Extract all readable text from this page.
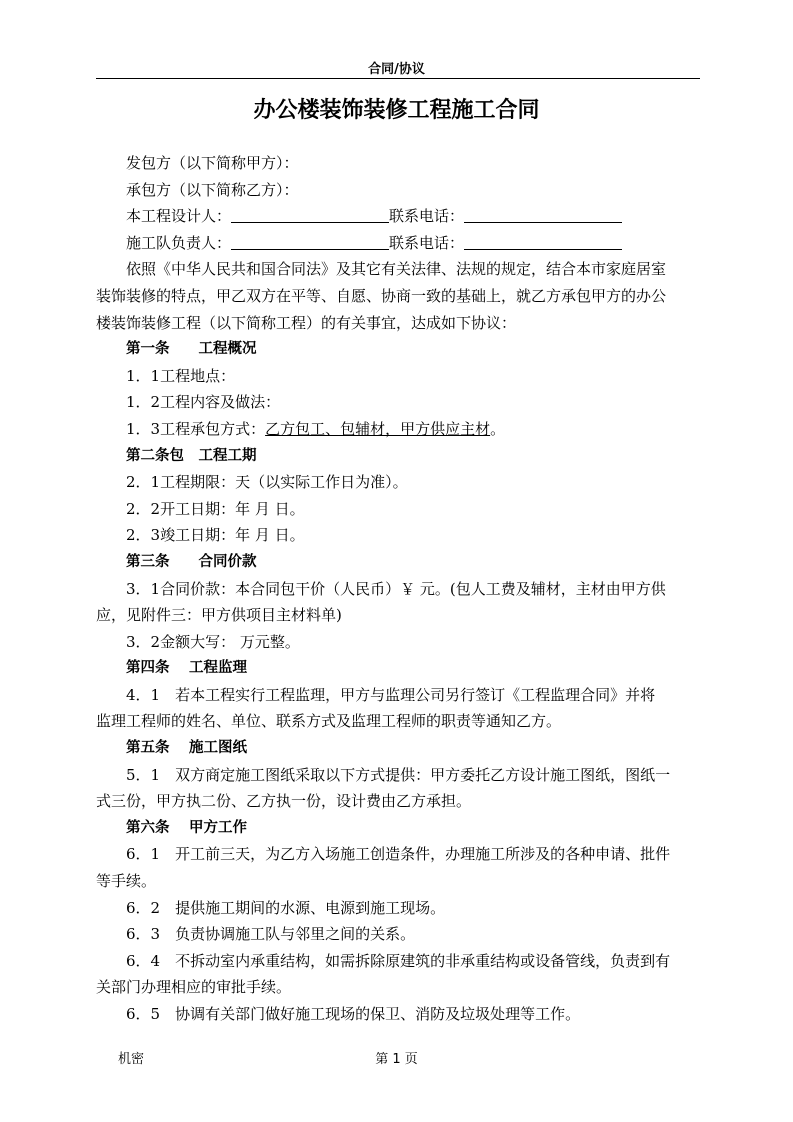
合同/协议
办公楼装饰装修工程施工合同
发包方（以下简称甲方）：
承包方（以下简称乙方）：
本工程设计人：	联系电话：
施工队负责人：	联系电话：
依照《中华人民共和国合同法》及其它有关法律、法规的规定，结合本市家庭居室
装饰装修的特点，甲乙双方在平等、自愿、协商一致的基础上，就乙方承包甲方的办公
楼装饰装修工程（以下简称工程）的有关事宜，达成如下协议：
第一条　　工程概况
1．1工程地点：
1．2工程内容及做法：
1．3工程承包方式：乙方包工、包辅材，甲方供应主材。
第二条包　工程工期
2．1工程期限：天（以实际工作日为准）。
2．2开工日期：年 月 日。
2．3竣工日期：年 月 日。
第三条　　合同价款
3．1合同价款：本合同包干价（人民币）￥ 元。(包人工费及辅材，主材由甲方供
应，见附件三：甲方供项目主材料单)
3．2金额大写： 万元整。
第四条　 工程监理
4．1　若本工程实行工程监理，甲方与监理公司另行签订《工程监理合同》并将
监理工程师的姓名、单位、联系方式及监理工程师的职责等通知乙方。
第五条　 施工图纸
5．1　双方商定施工图纸采取以下方式提供：甲方委托乙方设计施工图纸，图纸一
式三份，甲方执二份、乙方执一份，设计费由乙方承担。
第六条　 甲方工作
6．1　开工前三天，为乙方入场施工创造条件，办理施工所涉及的各种申请、批件
等手续。
6．2　提供施工期间的水源、电源到施工现场。
6．3　负责协调施工队与邻里之间的关系。
6．4　不拆动室内承重结构，如需拆除原建筑的非承重结构或设备管线，负责到有
关部门办理相应的审批手续。
6．5　协调有关部门做好施工现场的保卫、消防及垃圾处理等工作。
机密	第 1 页
